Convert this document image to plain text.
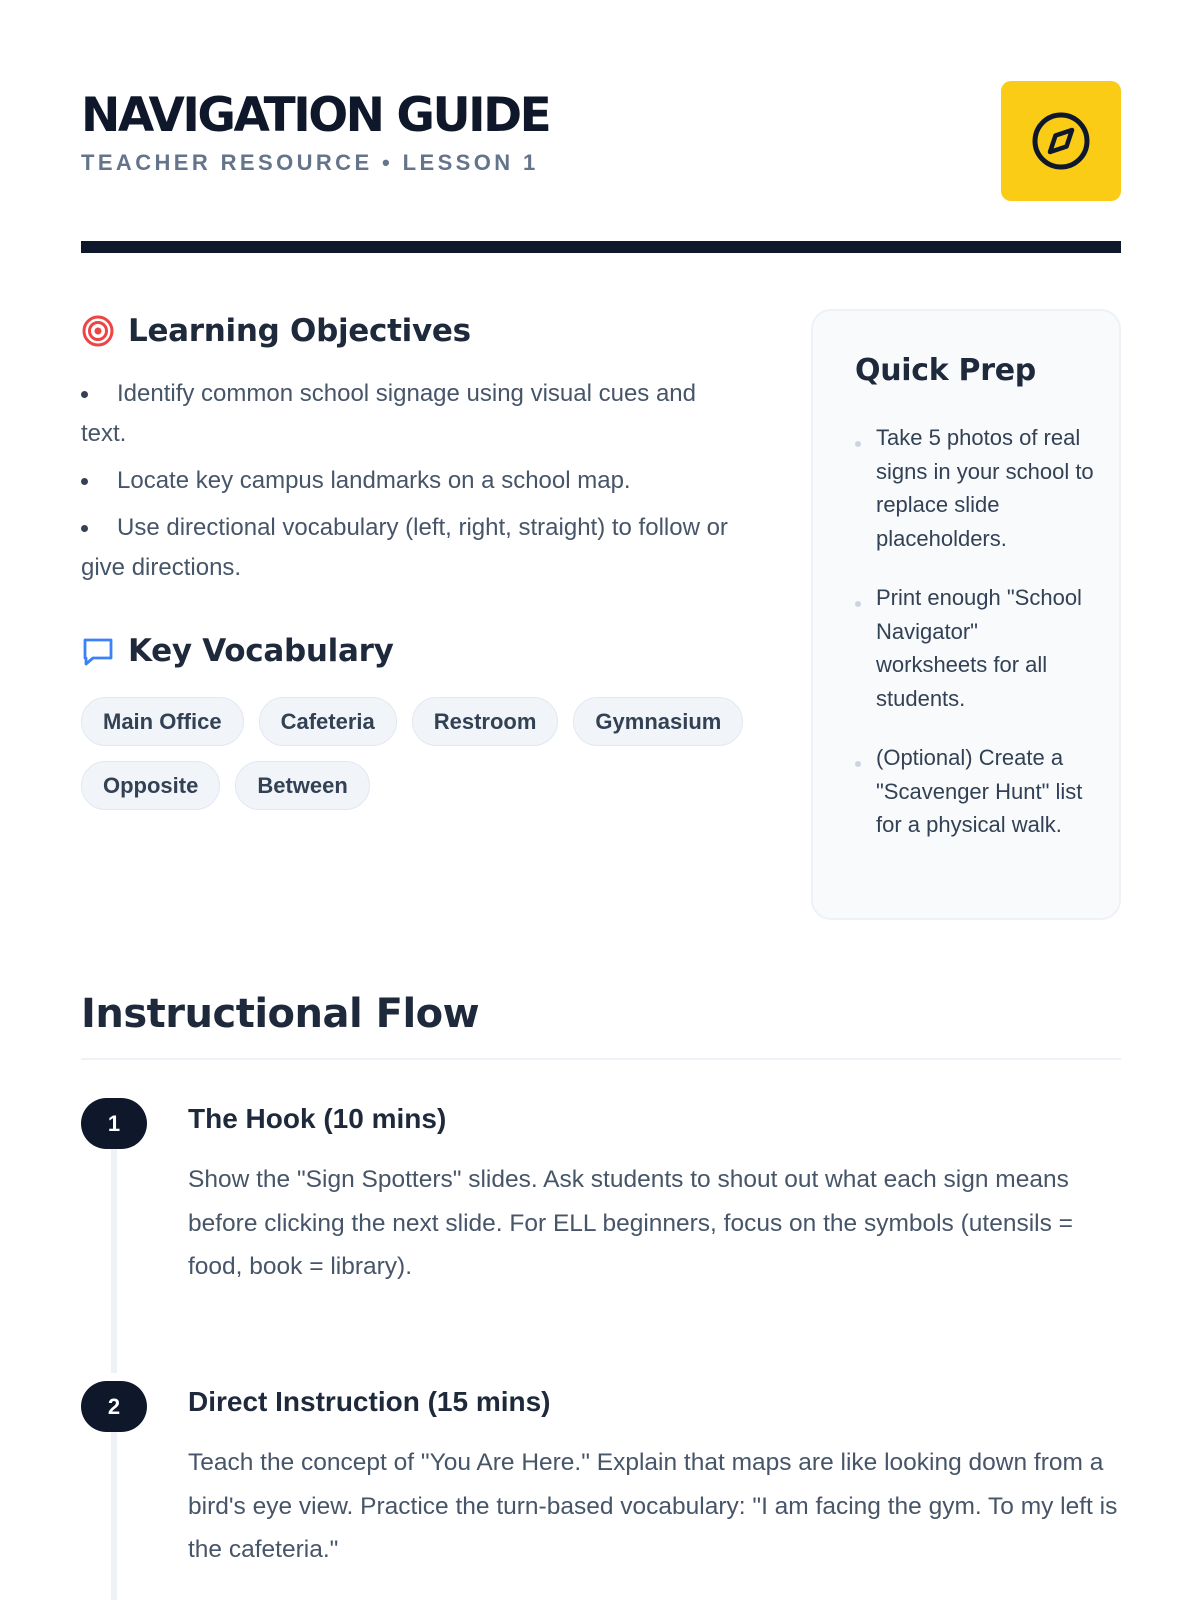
NAVIGATION GUIDE
TEACHER RESOURCE • LESSON 1
Learning Objectives
Identify common school signage using visual cues and text.
Locate key campus landmarks on a school map.
Use directional vocabulary (left, right, straight) to follow or give directions.
Key Vocabulary
Main Office	Cafeteria	Restroom	Gymnasium
Opposite	Between
Quick Prep
Take 5 photos of real signs in your school to replace slide placeholders.
Print enough "School Navigator" worksheets for all students.
(Optional) Create a "Scavenger Hunt" list for a physical walk.
Instructional Flow
1	The Hook (10 mins)

Show the "Sign Spotters" slides. Ask students to shout out what each sign means before clicking the next slide. For ELL beginners, focus on the symbols (utensils = food, book = library).

2	Direct Instruction (15 mins)

Teach the concept of "You Are Here." Explain that maps are like looking down from a bird's eye view. Practice the turn-based vocabulary: "I am facing the gym. To my left is the cafeteria."
